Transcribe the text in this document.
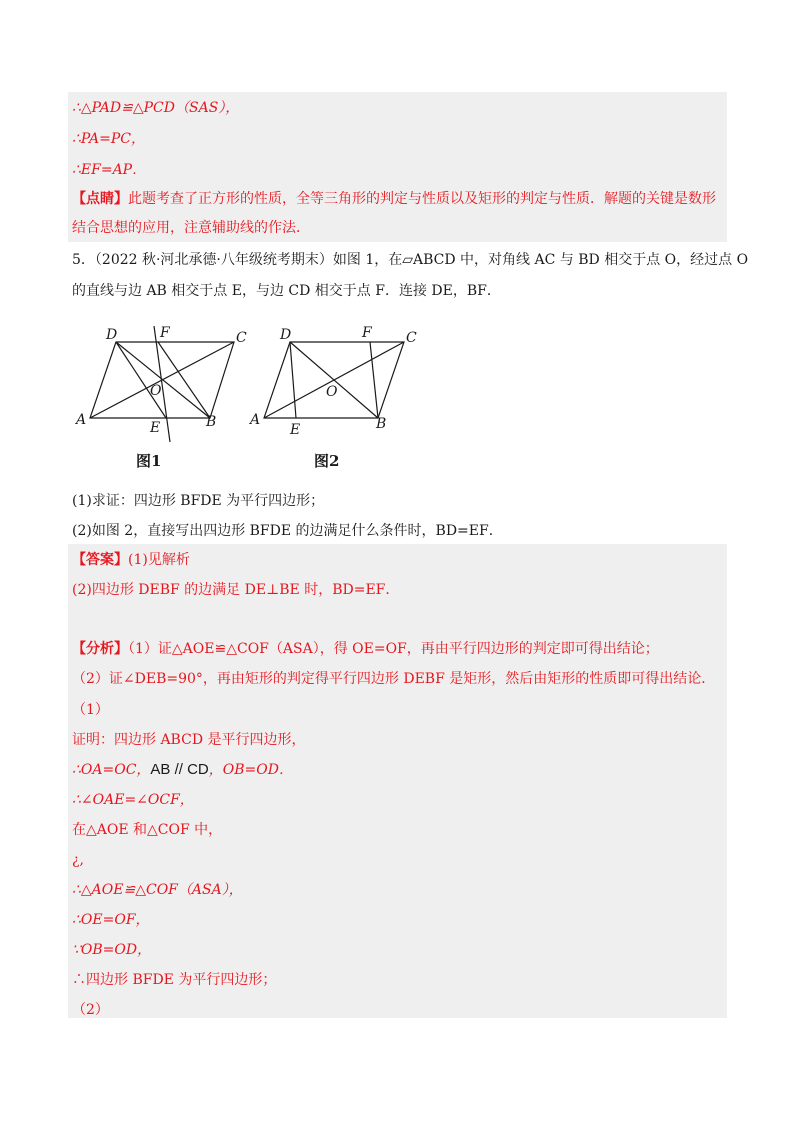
∴△PAD≌△PCD（SAS），
∴PA=PC，
∴EF=AP．
【点睛】此题考查了正方形的性质，全等三角形的判定与性质以及矩形的判定与性质．解题的关键是数形
结合思想的应用，注意辅助线的作法．
5．（2022 秋·河北承德·八年级统考期末）如图 1，在▱ABCD 中，对角线 AC 与 BD 相交于点 O，经过点 O
的直线与边 AB 相交于点 E，与边 CD 相交于点 F．连接 DE，BF．
D	F	C
O
A	E	B
图1
D	F C
O
A
E	B
图2
(1)求证：四边形 BFDE 为平行四边形；
(2)如图 2，直接写出四边形 BFDE 的边满足什么条件时，BD=EF．
【答案】(1)见解析
(2)四边形 DEBF 的边满足 DE⊥BE 时，BD=EF．
【分析】（1）证△AOE≌△COF（ASA），得 OE=OF，再由平行四边形的判定即可得出结论；
（2）证∠DEB=90°，再由矩形的判定得平行四边形 DEBF 是矩形，然后由矩形的性质即可得出结论．
（1）
证明：四边形 ABCD 是平行四边形，
∴OA=OC，AB // CD，OB=OD．
∴∠OAE=∠OCF，
在△AOE 和△COF 中，
¿,
∴△AOE≌△COF（ASA），
∴OE=OF，
∵OB=OD，
∴四边形 BFDE 为平行四边形；
（2）
